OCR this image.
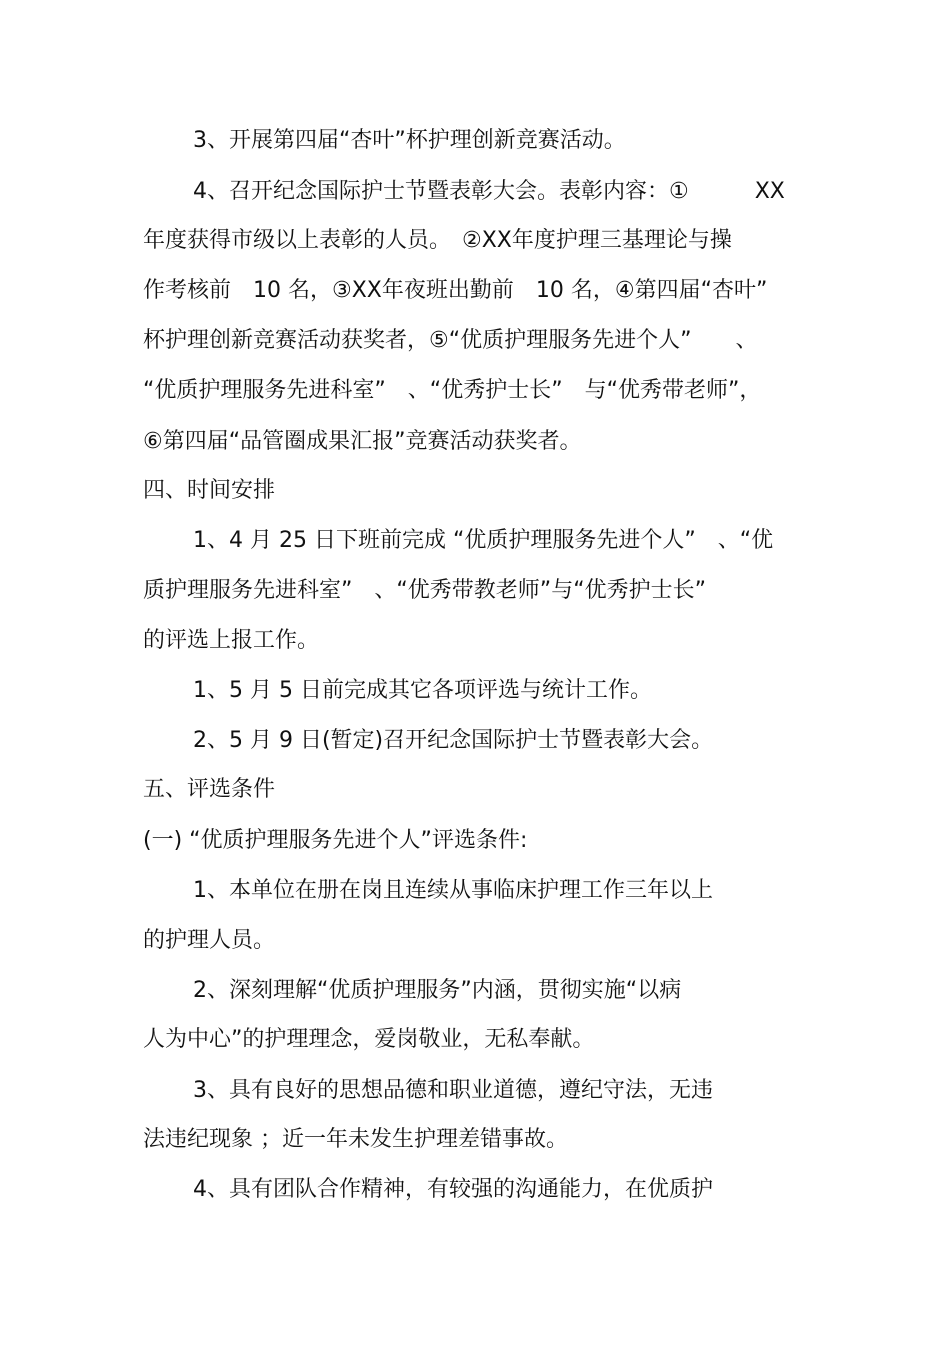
3、开展第四届“杏叶”杯护理创新竞赛活动。
4、召开纪念国际护士节暨表彰大会。表彰内容：①　　　XX
年度获得市级以上表彰的人员。　②XX年度护理三基理论与操
作考核前　10 名，③XX年夜班出勤前　10 名，④第四届“杏叶”
杯护理创新竞赛活动获奖者，⑤“优质护理服务先进个人”　　、
“优质护理服务先进科室”　、“优秀护士长”　与“优秀带老师”，
⑥第四届“品管圈成果汇报”竞赛活动获奖者。
四、时间安排
1、4 月 25 日下班前完成 “优质护理服务先进个人”　、“优
质护理服务先进科室”　、“优秀带教老师”与“优秀护士长”
的评选上报工作。
1、5 月 5 日前完成其它各项评选与统计工作。
2、5 月 9 日(暂定)召开纪念国际护士节暨表彰大会。
五、评选条件
(一) “优质护理服务先进个人”评选条件:
1、本单位在册在岗且连续从事临床护理工作三年以上
的护理人员。
2、深刻理解“优质护理服务”内涵，贯彻实施“以病
人为中心”的护理理念，爱岗敬业，无私奉献。
3、具有良好的思想品德和职业道德，遵纪守法，无违
法违纪现象 ；近一年未发生护理差错事故。
4、具有团队合作精神，有较强的沟通能力，在优质护
